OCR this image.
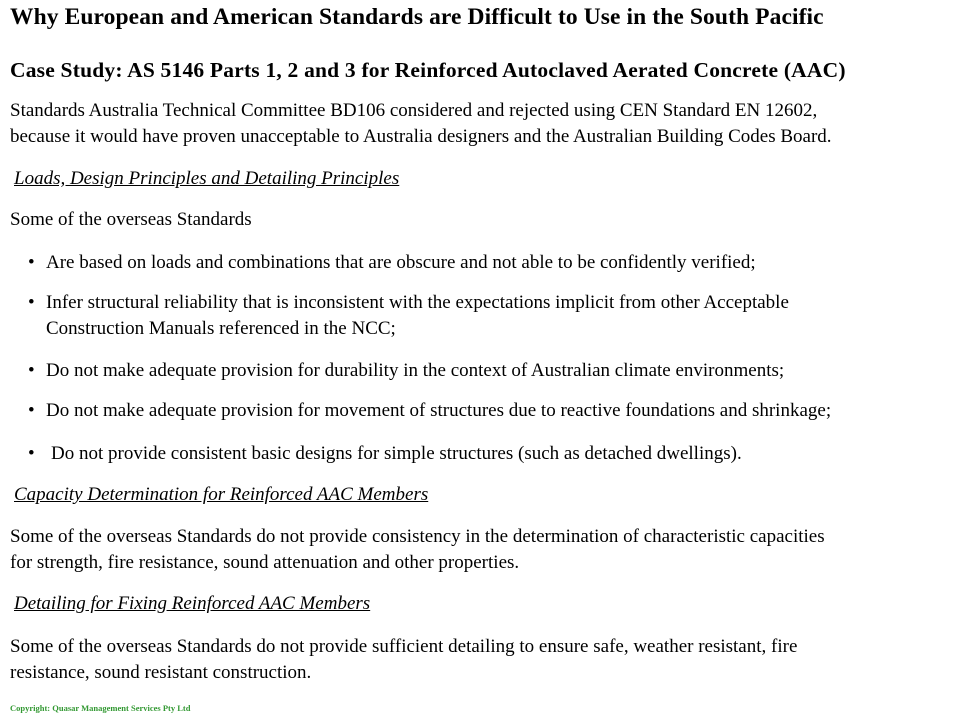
Why European and American Standards are Difficult to Use in the South Pacific
Case Study: AS 5146 Parts 1, 2 and 3 for Reinforced Autoclaved Aerated Concrete (AAC)
Standards Australia Technical Committee BD106 considered and rejected using CEN Standard EN 12602,
because it would have proven unacceptable to Australia designers and the Australian Building Codes Board.
Loads, Design Principles and Detailing Principles
Some of the overseas Standards
• Are based on loads and combinations that are obscure and not able to be confidently verified;
• Infer structural reliability that is inconsistent with the expectations implicit from other Acceptable
Construction Manuals referenced in the NCC;
• Do not make adequate provision for durability in the context of Australian climate environments;
• Do not make adequate provision for movement of structures due to reactive foundations and shrinkage;
• Do not provide consistent basic designs for simple structures (such as detached dwellings).
Capacity Determination for Reinforced AAC Members
Some of the overseas Standards do not provide consistency in the determination of characteristic capacities
for strength, fire resistance, sound attenuation and other properties.
Detailing for Fixing Reinforced AAC Members
Some of the overseas Standards do not provide sufficient detailing to ensure safe, weather resistant, fire
resistance, sound resistant construction.
Copyright: Quasar Management Services Pty Ltd
